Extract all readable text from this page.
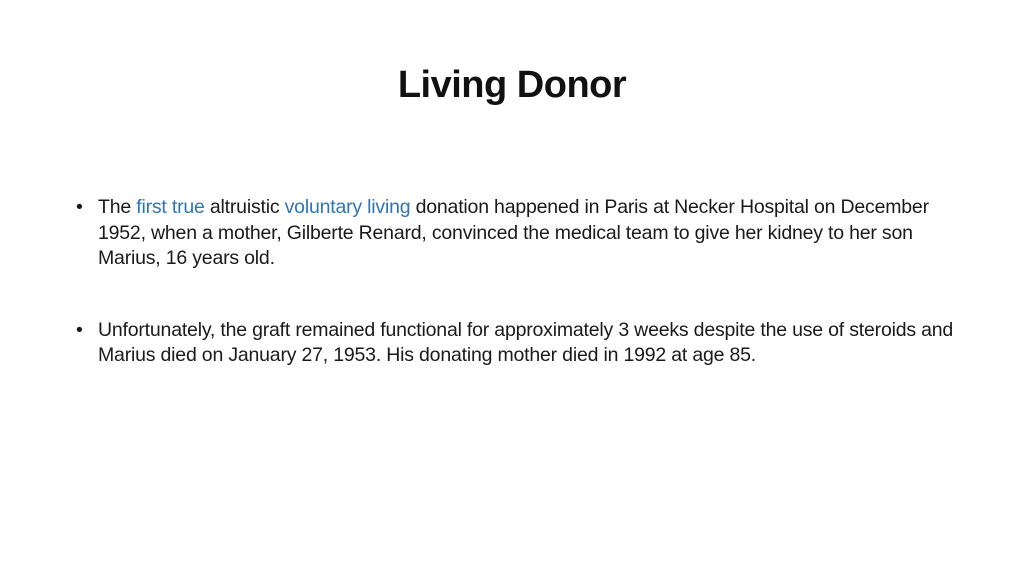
Living Donor
• The first true altruistic voluntary living donation happened in Paris at Necker Hospital on December 1952, when a mother, Gilberte Renard, convinced the medical team to give her kidney to her son Marius, 16 years old.
• Unfortunately, the graft remained functional for approximately 3 weeks despite the use of steroids and Marius died on January 27, 1953. His donating mother died in 1992 at age 85.
